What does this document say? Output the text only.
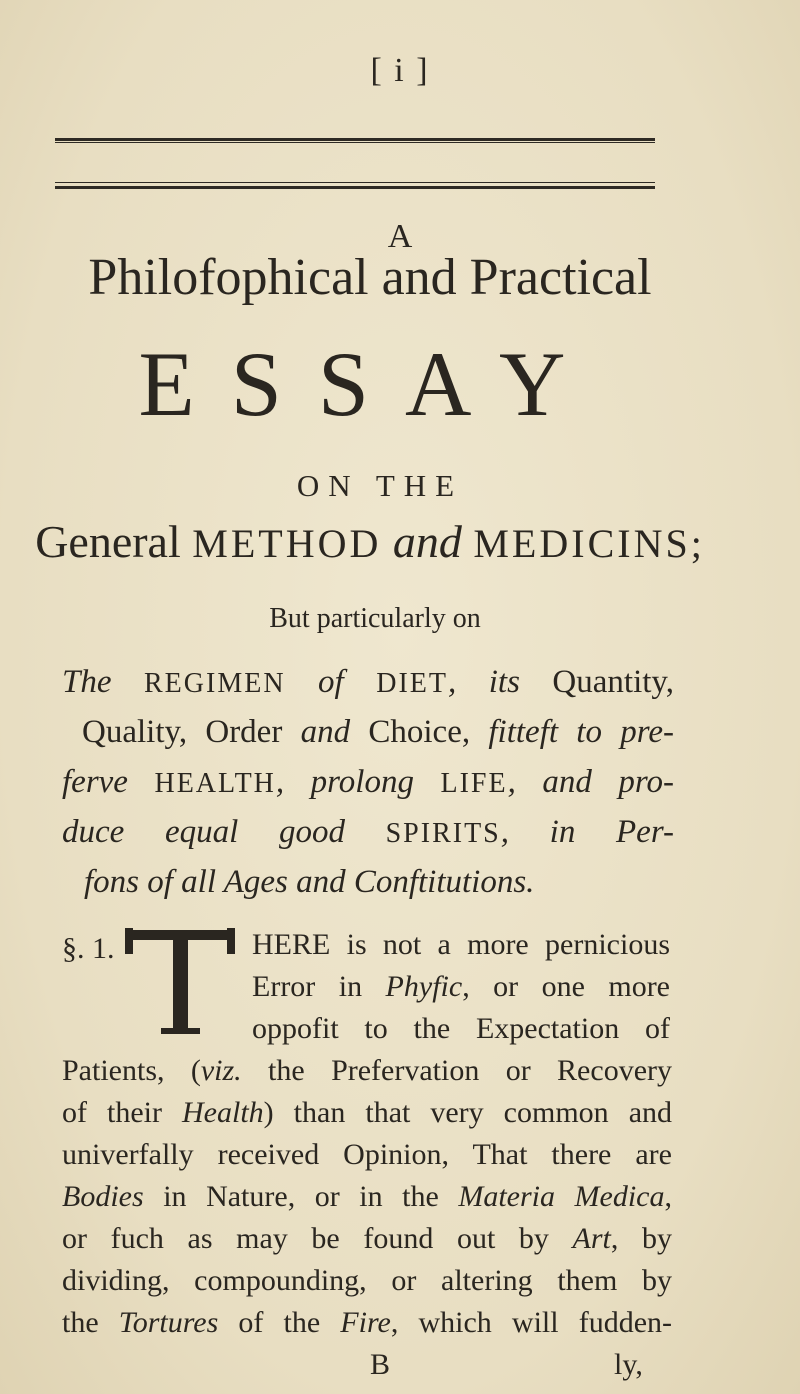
[ i ]
A
Philofophical and Practical
ESSAY
ON THE
General METHOD and MEDICINS;
But particularly on
The REGIMEN of DIET, its Quantity,
Quality, Order and Choice, fitteft to pre-
ferve HEALTH, prolong LIFE, and pro-
duce equal good SPIRITS, in Per-
fons of all Ages and Conftitutions.
§. 1.	HERE is not a more pernicious
Error in Phyfic, or one more
oppofit to the Expectation of
Patients, (viz. the Prefervation or Recovery
of their Health) than that very common and
univerfally received Opinion, That there are
Bodies in Nature, or in the Materia Medica,
or fuch as may be found out by Art, by
dividing, compounding, or altering them by
the Tortures of the Fire, which will fudden-
B	ly,
